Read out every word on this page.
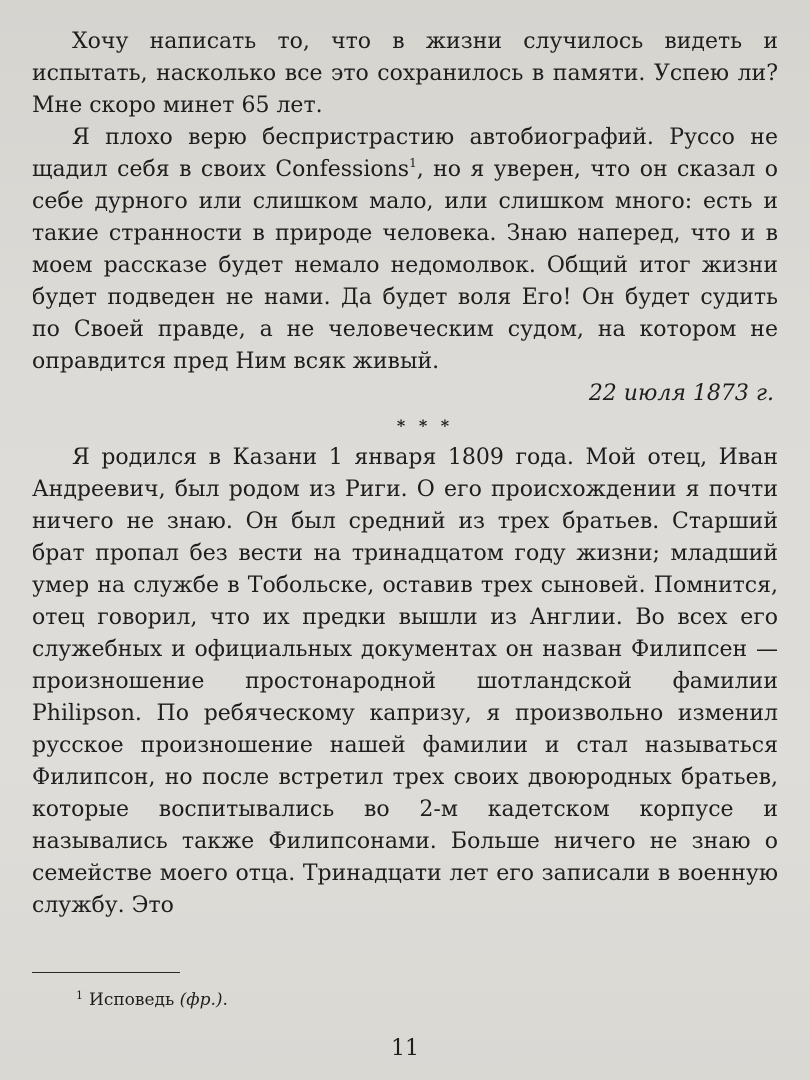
Хочу написать то, что в жизни случилось видеть и испытать, насколько все это сохранилось в памяти. Успею ли? Мне скоро минет 65 лет.

Я плохо верю беспристрастию автобиографий. Руссо не щадил себя в своих Confessions$^1$, но я уверен, что он сказал о себе дурного или слишком мало, или слишком много: есть и такие странности в природе человека. Знаю наперед, что и в моем рассказе будет немало недомолвок. Общий итог жизни будет подведен не нами. Да будет воля Его! Он будет судить по Своей правде, а не человеческим судом, на котором не оправдится пред Ним всяк живый.

22 июля 1873 г.

* * *

Я родился в Казани 1 января 1809 года. Мой отец, Иван Андреевич, был родом из Риги. О его происхождении я почти ничего не знаю. Он был средний из трех братьев. Старший брат пропал без вести на тринадцатом году жизни; младший умер на службе в Тобольске, оставив трех сыновей. Помнится, отец говорил, что их предки вышли из Англии. Во всех его служебных и официальных документах он назван Филипсен — произношение простонародной шотландской фамилии Philipson. По ребяческому капризу, я произвольно изменил русское произношение нашей фамилии и стал называться Филипсон, но после встретил трех своих двоюродных братьев, которые воспитывались во 2-м кадетском корпусе и назывались также Филипсонами. Больше ничего не знаю о семействе моего отца. Тринадцати лет его записали в военную службу. Это

$^1$ Исповедь (фр.).
11
